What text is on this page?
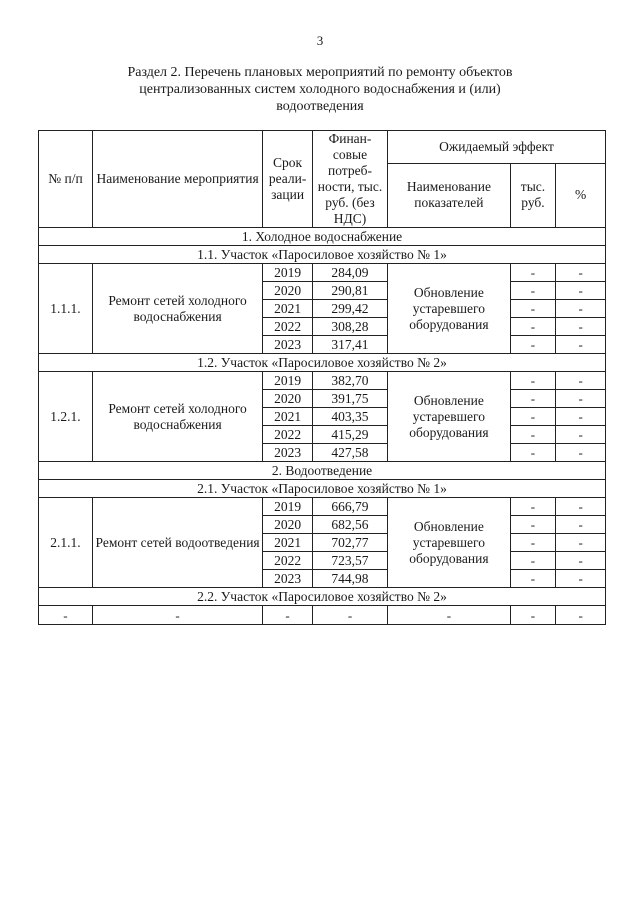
3
Раздел 2. Перечень плановых мероприятий по ремонту объектов
централизованных систем холодного водоснабжения и (или)
водоотведения
№ п/п	Наименование мероприятия	Срок реали-зации	Финан-совые потреб-ности, тыс. руб. (без НДС)	Ожидаемый эффект		
				Наименование показателей	тыс. руб.	%
1. Холодное водоснабжение						
1.1. Участок «Паросиловое хозяйство № 1»						
1.1.1.	Ремонт сетей холодного водоснабжения	2019	284,09	Обновление устаревшего оборудования	-	-
		2020	290,81		-	-
		2021	299,42		-	-
		2022	308,28		-	-
		2023	317,41		-	-
1.2. Участок «Паросиловое хозяйство № 2»						
1.2.1.	Ремонт сетей холодного водоснабжения	2019	382,70	Обновление устаревшего оборудования	-	-
		2020	391,75		-	-
		2021	403,35		-	-
		2022	415,29		-	-
		2023	427,58		-	-
2. Водоотведение						
2.1. Участок «Паросиловое хозяйство № 1»						
2.1.1.	Ремонт сетей водоотведения	2019	666,79	Обновление устаревшего оборудования	-	-
		2020	682,56		-	-
		2021	702,77		-	-
		2022	723,57		-	-
		2023	744,98		-	-
2.2. Участок «Паросиловое хозяйство № 2»						
-	-	-	-	-	-	-
